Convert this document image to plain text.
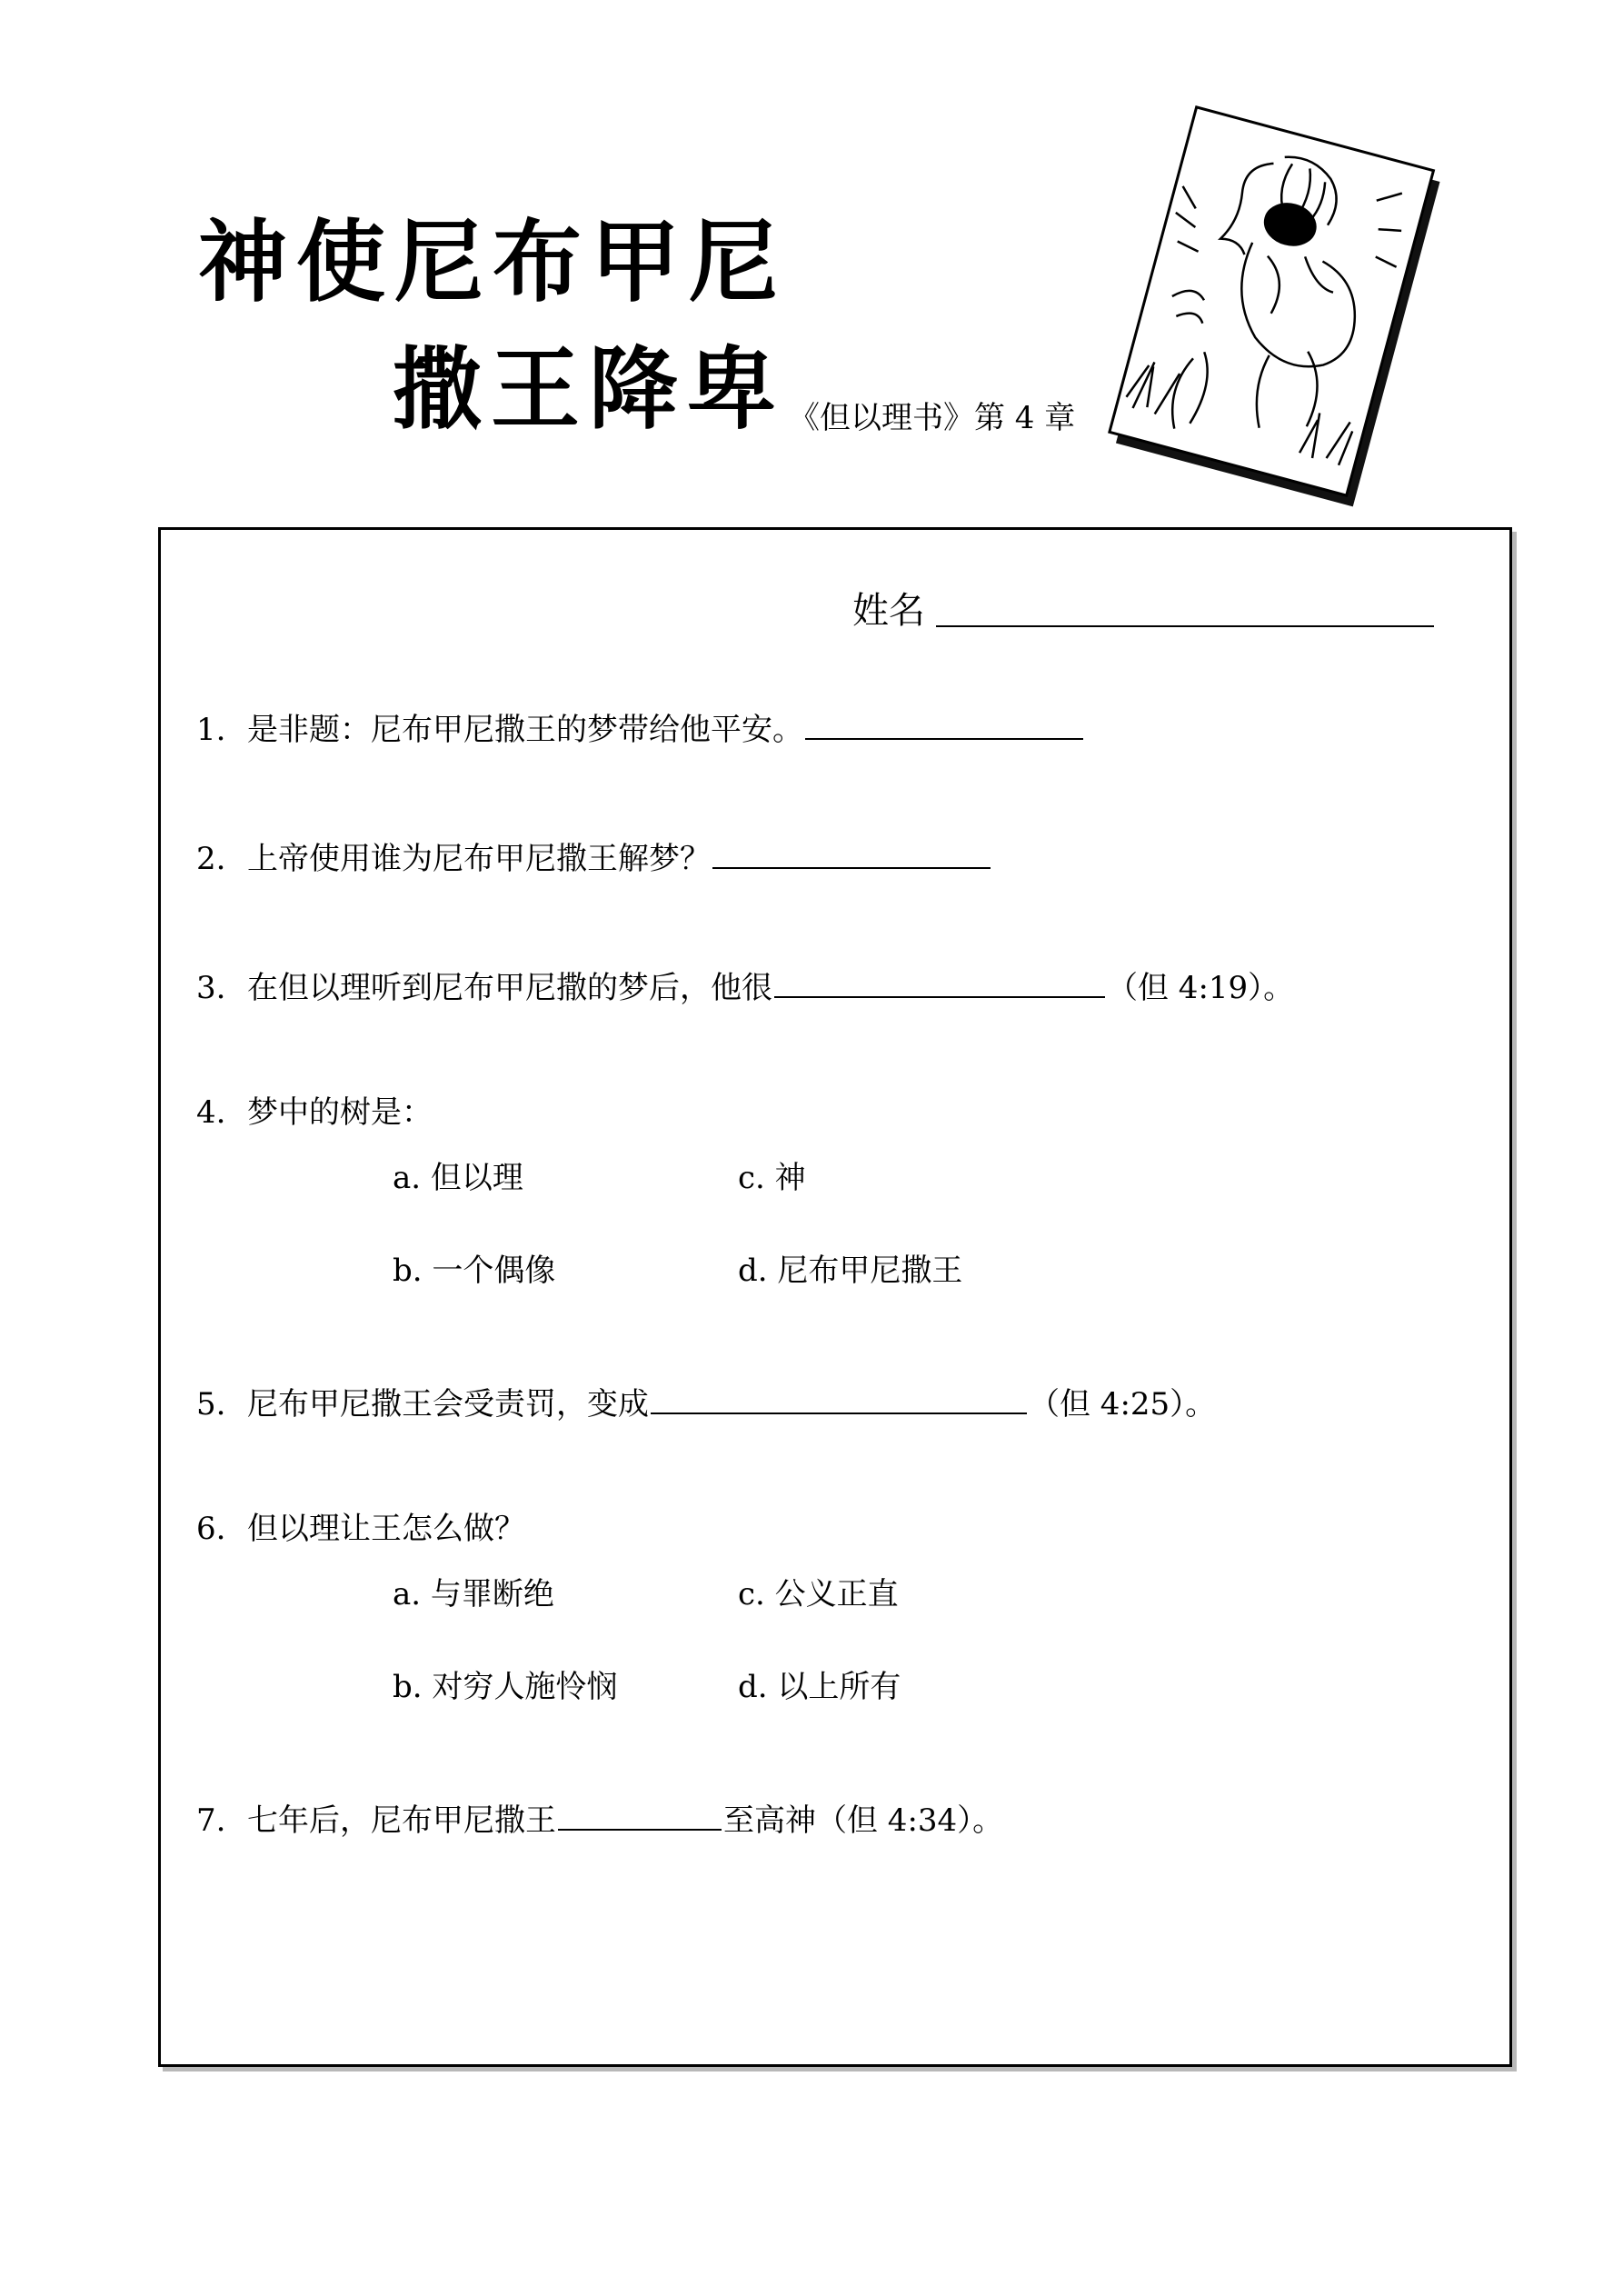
神使尼布甲尼
撒王降卑 《但以理书》第 4 章
姓名
1. 是非题：尼布甲尼撒王的梦带给他平安。
2. 上帝使用谁为尼布甲尼撒王解梦？
3. 在但以理听到尼布甲尼撒的梦后，他很	（但 4:19）。
4. 梦中的树是：
a. 但以理	c. 神
b. 一个偶像	d. 尼布甲尼撒王
5. 尼布甲尼撒王会受责罚，变成	（但 4:25）。
6. 但以理让王怎么做？
a. 与罪断绝	c. 公义正直
b. 对穷人施怜悯	d. 以上所有
7. 七年后，尼布甲尼撒王	至高神（但 4:34）。
